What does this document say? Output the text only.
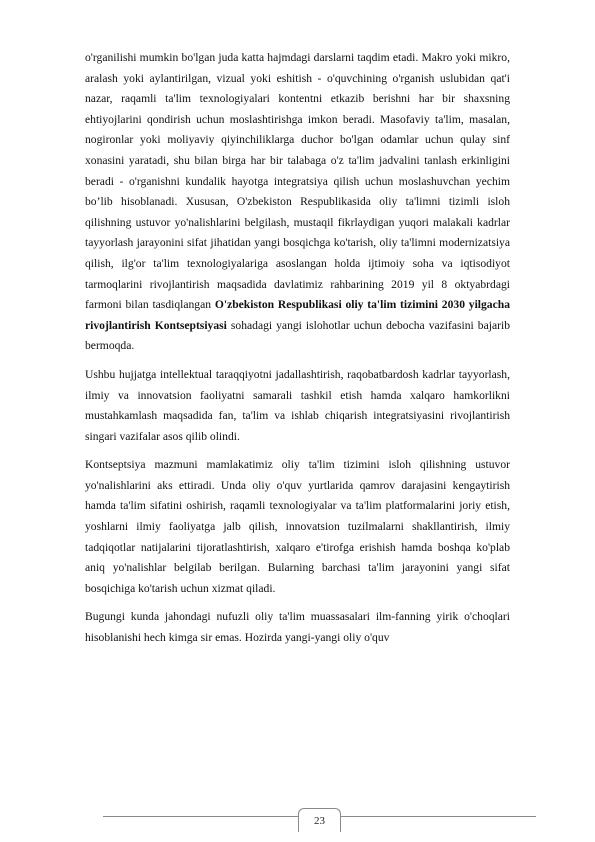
o'rganilishi mumkin bo'lgan juda katta hajmdagi darslarni taqdim etadi. Makro yoki mikro, aralash yoki aylantirilgan, vizual yoki eshitish - o'quvchining o'rganish uslubidan qat'i nazar, raqamli ta'lim texnologiyalari kontentni etkazib berishni har bir shaxsning ehtiyojlarini qondirish uchun moslashtirishga imkon beradi. Masofaviy ta'lim, masalan, nogironlar yoki moliyaviy qiyinchiliklarga duchor bo'lgan odamlar uchun qulay sinf xonasini yaratadi, shu bilan birga har bir talabaga o'z ta'lim jadvalini tanlash erkinligini beradi - o'rganishni kundalik hayotga integratsiya qilish uchun moslashuvchan yechim bo’lib hisoblanadi. Xususan, O'zbekiston Respublikasida oliy ta'limni tizimli isloh qilishning ustuvor yo'nalishlarini belgilash, mustaqil fikrlaydigan yuqori malakali kadrlar tayyorlash jarayonini sifat jihatidan yangi bosqichga ko'tarish, oliy ta'limni modernizatsiya qilish, ilg'or ta'lim texnologiyalariga asoslangan holda ijtimoiy soha va iqtisodiyot tarmoqlarini rivojlantirish maqsadida davlatimiz rahbarining 2019 yil 8 oktyabrdagi farmoni bilan tasdiqlangan O'zbekiston Respublikasi oliy ta'lim tizimini 2030 yilgacha rivojlantirish Kontseptsiyasi sohadagi yangi islohotlar uchun debocha vazifasini bajarib bermoqda.

Ushbu hujjatga intellektual taraqqiyotni jadallashtirish, raqobatbardosh kadrlar tayyorlash, ilmiy va innovatsion faoliyatni samarali tashkil etish hamda xalqaro hamkorlikni mustahkamlash maqsadida fan, ta'lim va ishlab chiqarish integratsiyasini rivojlantirish singari vazifalar asos qilib olindi.

Kontseptsiya mazmuni mamlakatimiz oliy ta'lim tizimini isloh qilishning ustuvor yo'nalishlarini aks ettiradi. Unda oliy o'quv yurtlarida qamrov darajasini kengaytirish hamda ta'lim sifatini oshirish, raqamli texnologiyalar va ta'lim platformalarini joriy etish, yoshlarni ilmiy faoliyatga jalb qilish, innovatsion tuzilmalarni shakllantirish, ilmiy tadqiqotlar natijalarini tijoratlashtirish, xalqaro e'tirofga erishish hamda boshqa ko'plab aniq yo'nalishlar belgilab berilgan. Bularning barchasi ta'lim jarayonini yangi sifat bosqichiga ko'tarish uchun xizmat qiladi.

Bugungi kunda jahondagi nufuzli oliy ta'lim muassasalari ilm-fanning yirik o'choqlari hisoblanishi hech kimga sir emas. Hozirda yangi-yangi oliy o'quv

23
